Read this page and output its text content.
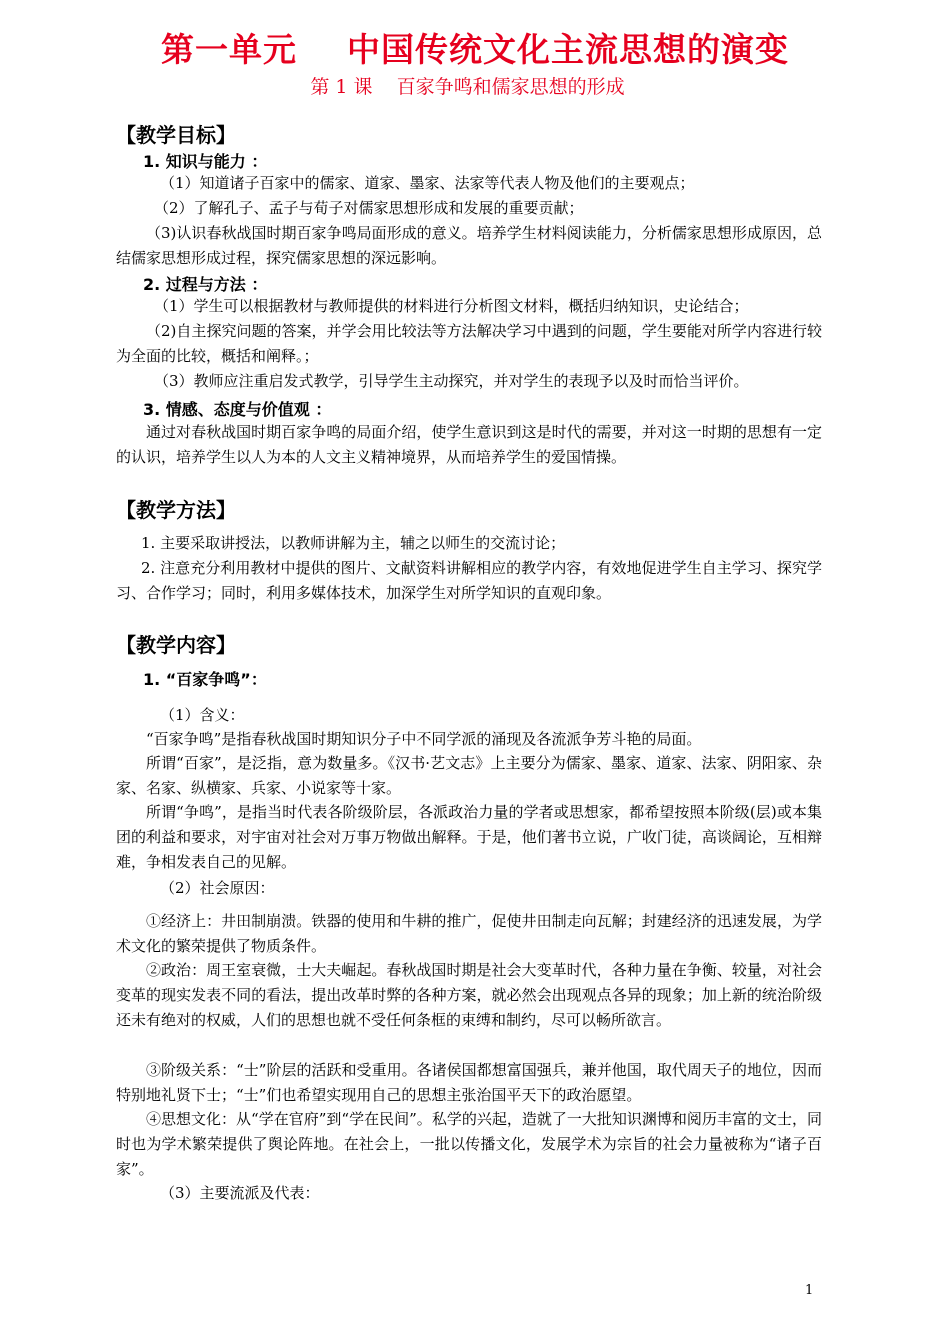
第一单元    中国传统文化主流思想的演变
第 1 课    百家争鸣和儒家思想的形成
【教学目标】
1. 知识与能力 ：
（1）知道诸子百家中的儒家、道家、墨家、法家等代表人物及他们的主要观点；
（2）了解孔子、孟子与荀子对儒家思想形成和发展的重要贡献；
（3)认识春秋战国时期百家争鸣局面形成的意义。培养学生材料阅读能力，分析儒家思想形成原因，总结儒家思想形成过程，探究儒家思想的深远影响。
2. 过程与方法 ：
（1）学生可以根据教材与教师提供的材料进行分析图文材料，概括归纳知识，史论结合；
（2)自主探究问题的答案，并学会用比较法等方法解决学习中遇到的问题，学生要能对所学内容进行较为全面的比较，概括和阐释。；
（3）教师应注重启发式教学，引导学生主动探究，并对学生的表现予以及时而恰当评价。
3. 情感、态度与价值观 ：
通过对春秋战国时期百家争鸣的局面介绍，使学生意识到这是时代的需要，并对这一时期的思想有一定的认识，培养学生以人为本的人文主义精神境界，从而培养学生的爱国情操。
【教学方法】
1. 主要采取讲授法，以教师讲解为主，辅之以师生的交流讨论；
2. 注意充分利用教材中提供的图片、文献资料讲解相应的教学内容，有效地促进学生自主学习、探究学习、合作学习；同时，利用多媒体技术，加深学生对所学知识的直观印象。
【教学内容】
1. “百家争鸣”：
（1）含义：
“百家争鸣”是指春秋战国时期知识分子中不同学派的涌现及各流派争芳斗艳的局面。
所谓“百家”，是泛指，意为数量多。《汉书·艺文志》上主要分为儒家、墨家、道家、法家、阴阳家、杂家、名家、纵横家、兵家、小说家等十家。
所谓“争鸣”，是指当时代表各阶级阶层，各派政治力量的学者或思想家，都希望按照本阶级(层)或本集团的利益和要求，对宇宙对社会对万事万物做出解释。于是，他们著书立说，广收门徒，高谈阔论，互相辩难，争相发表自己的见解。
（2）社会原因：
①经济上：井田制崩溃。铁器的使用和牛耕的推广，促使井田制走向瓦解；封建经济的迅速发展，为学术文化的繁荣提供了物质条件。
②政治：周王室衰微，士大夫崛起。春秋战国时期是社会大变革时代，各种力量在争衡、较量，对社会变革的现实发表不同的看法，提出改革时弊的各种方案，就必然会出现观点各异的现象；加上新的统治阶级还未有绝对的权威，人们的思想也就不受任何条框的束缚和制约，尽可以畅所欲言。
③阶级关系：“士”阶层的活跃和受重用。各诸侯国都想富国强兵，兼并他国，取代周天子的地位，因而特别地礼贤下士；“士”们也希望实现用自己的思想主张治国平天下的政治愿望。
④思想文化：从“学在官府”到“学在民间”。私学的兴起，造就了一大批知识渊博和阅历丰富的文士，同时也为学术繁荣提供了舆论阵地。在社会上，一批以传播文化，发展学术为宗旨的社会力量被称为“诸子百家”。
（3）主要流派及代表：
1
